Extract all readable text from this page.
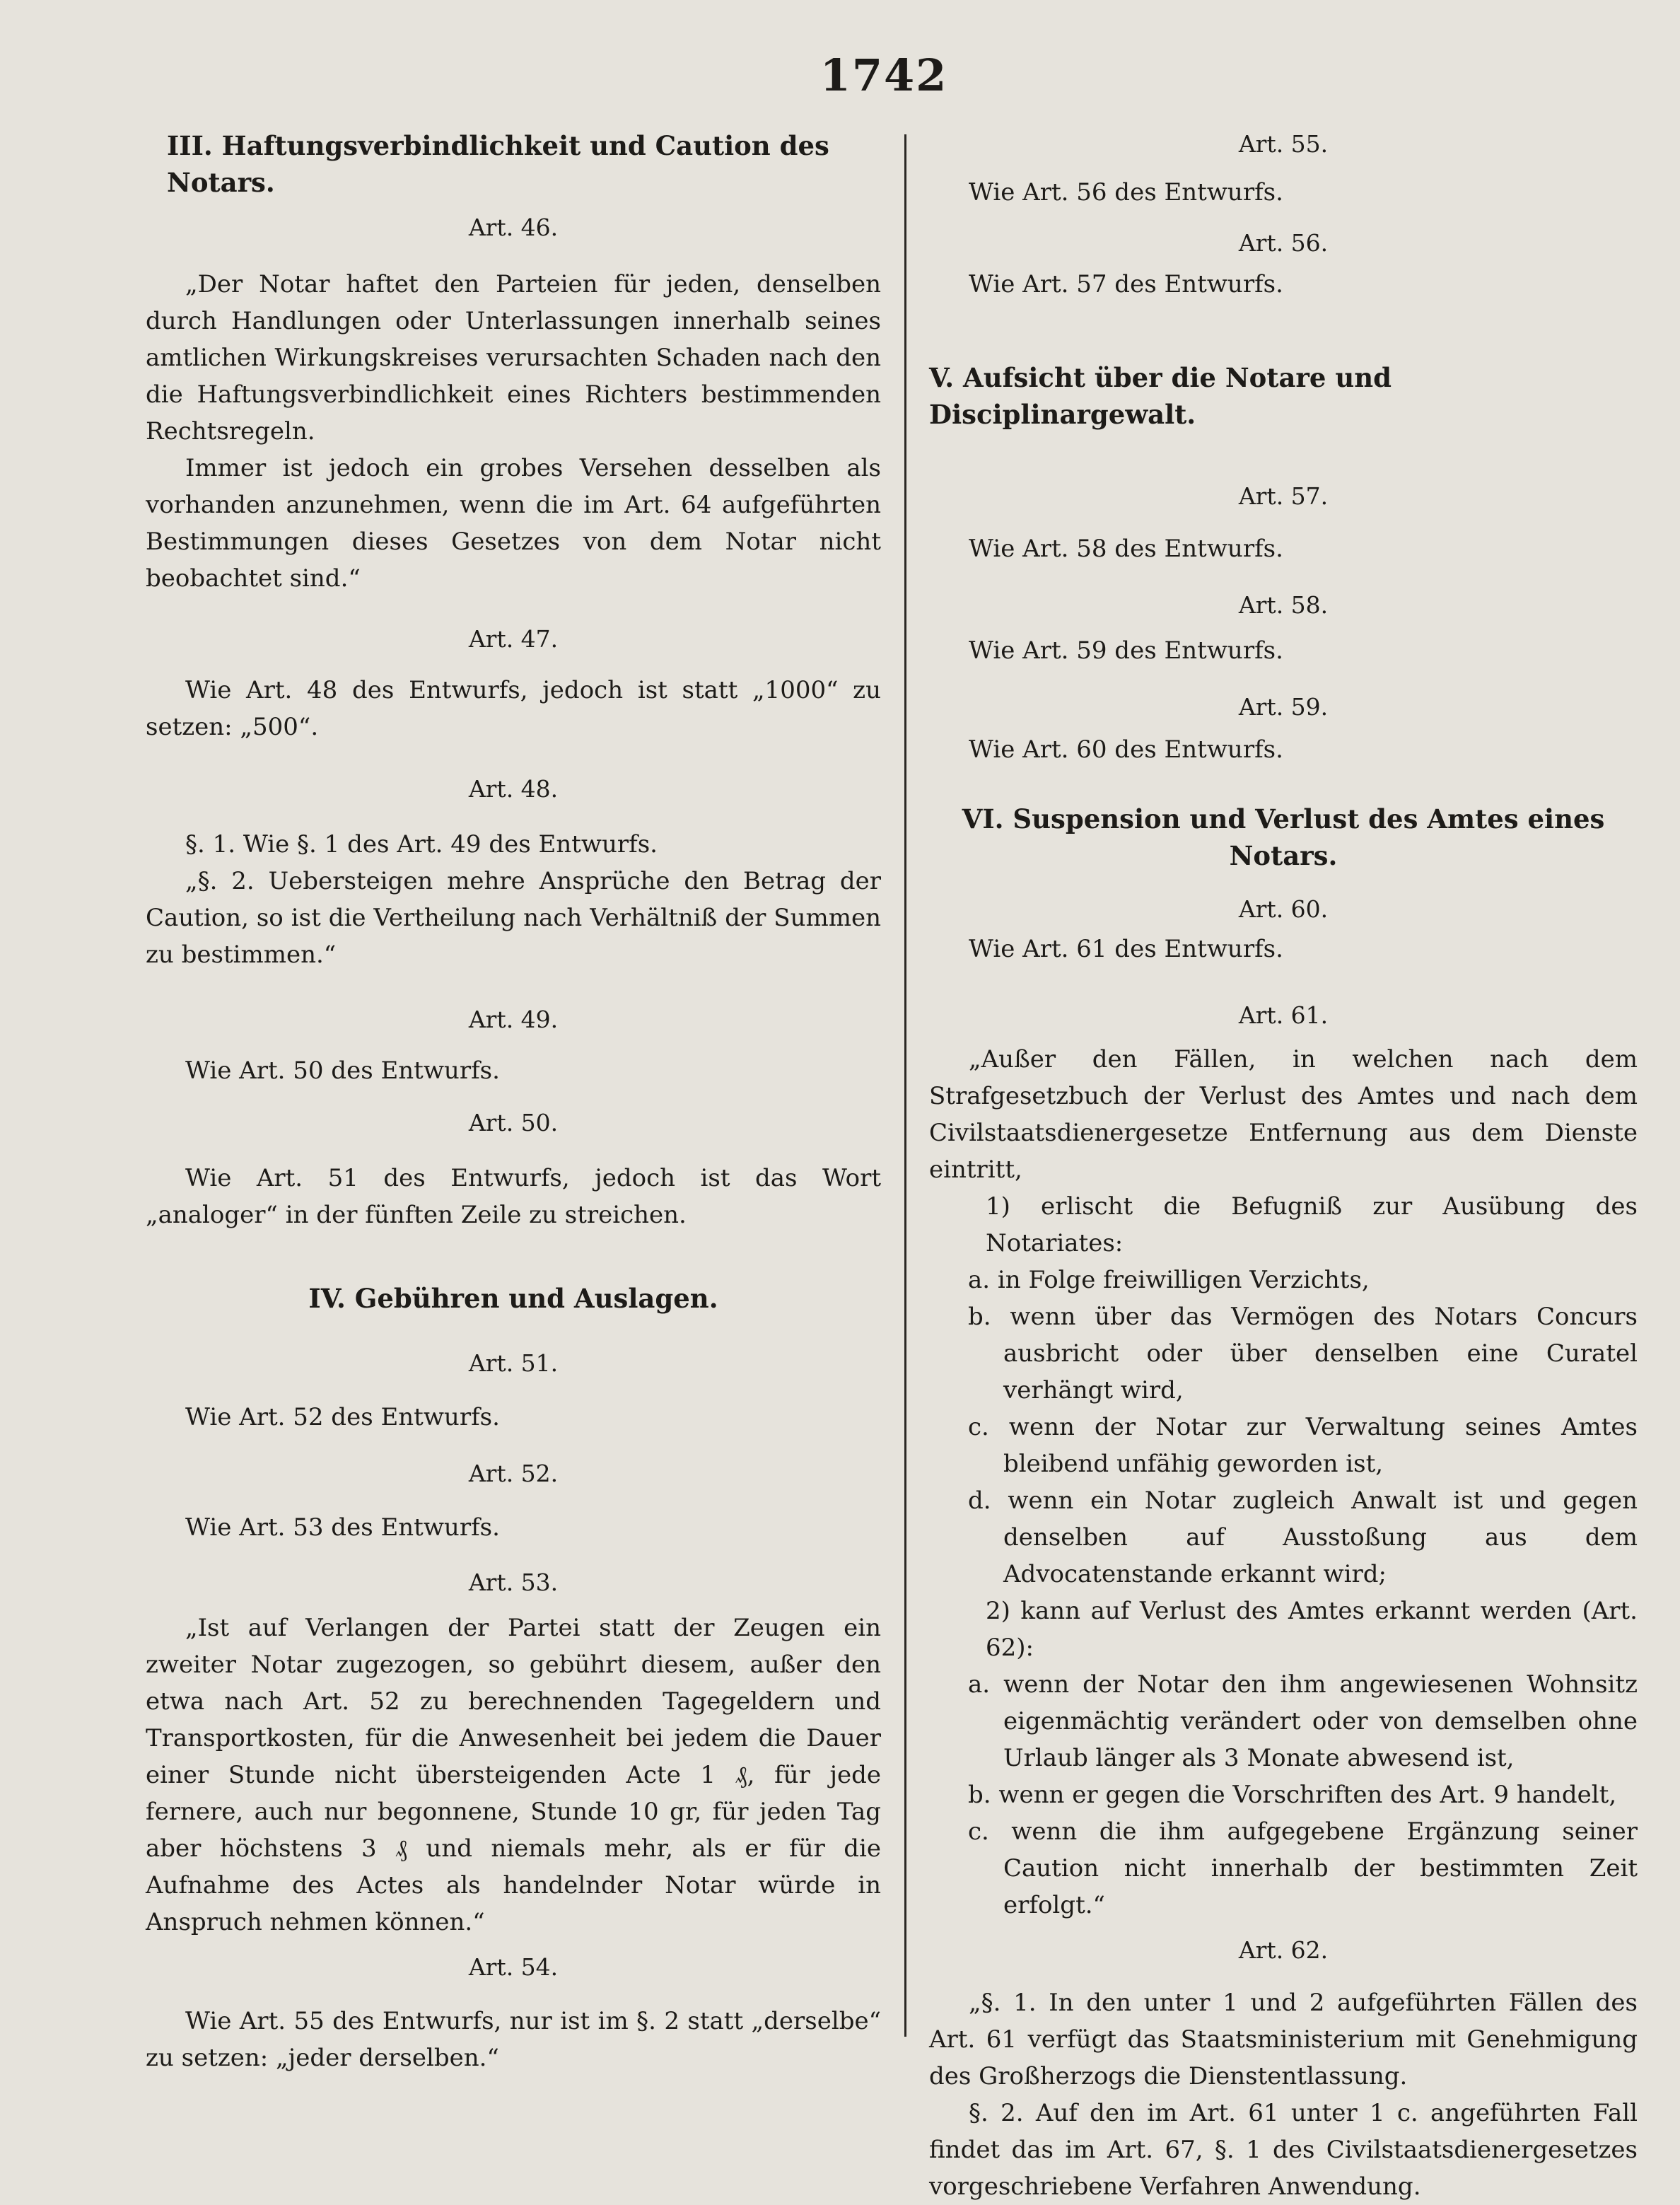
1742

III. Haftungsverbindlichkeit und Caution des Notars.

Art. 46.

„Der Notar haftet den Parteien für jeden, denselben durch Handlungen oder Unterlassungen innerhalb seines amtlichen Wirkungskreises verursachten Schaden nach den die Haftungsverbindlichkeit eines Richters bestimmenden Rechtsregeln.

Immer ist jedoch ein grobes Versehen desselben als vorhanden anzunehmen, wenn die im Art. 64 aufgeführten Bestimmungen dieses Gesetzes von dem Notar nicht beobachtet sind.“

Art. 47.

Wie Art. 48 des Entwurfs, jedoch ist statt „1000“ zu setzen: „500“.

Art. 48.

§. 1. Wie §. 1 des Art. 49 des Entwurfs.

„§. 2. Uebersteigen mehre Ansprüche den Betrag der Caution, so ist die Vertheilung nach Verhältniß der Summen zu bestimmen.“

Art. 49.

Wie Art. 50 des Entwurfs.

Art. 50.

Wie Art. 51 des Entwurfs, jedoch ist das Wort „analoger“ in der fünften Zeile zu streichen.

IV. Gebühren und Auslagen.

Art. 51.

Wie Art. 52 des Entwurfs.

Art. 52.

Wie Art. 53 des Entwurfs.

Art. 53.

„Ist auf Verlangen der Partei statt der Zeugen ein zweiter Notar zugezogen, so gebührt diesem, außer den etwa nach Art. 52 zu berechnenden Tagegeldern und Transportkosten, für die Anwesenheit bei jedem die Dauer einer Stunde nicht übersteigenden Acte 1 ₰, für jede fernere, auch nur begonnene, Stunde 10 gr, für jeden Tag aber höchstens 3 ₰ und niemals mehr, als er für die Aufnahme des Actes als handelnder Notar würde in Anspruch nehmen können.“

Art. 54.

Wie Art. 55 des Entwurfs, nur ist im §. 2 statt „derselbe“ zu setzen: „jeder derselben.“

Art. 55.

Wie Art. 56 des Entwurfs.

Art. 56.

Wie Art. 57 des Entwurfs.

V. Aufsicht über die Notare und Disciplinargewalt.

Art. 57.

Wie Art. 58 des Entwurfs.

Art. 58.

Wie Art. 59 des Entwurfs.

Art. 59.

Wie Art. 60 des Entwurfs.

VI. Suspension und Verlust des Amtes eines Notars.

Art. 60.

Wie Art. 61 des Entwurfs.

Art. 61.

„Außer den Fällen, in welchen nach dem Strafgesetzbuch der Verlust des Amtes und nach dem Civilstaatsdienergesetze Entfernung aus dem Dienste eintritt,

1) erlischt die Befugniß zur Ausübung des Notariates:

a. in Folge freiwilligen Verzichts,

b. wenn über das Vermögen des Notars Concurs ausbricht oder über denselben eine Curatel verhängt wird,

c. wenn der Notar zur Verwaltung seines Amtes bleibend unfähig geworden ist,

d. wenn ein Notar zugleich Anwalt ist und gegen denselben auf Ausstoßung aus dem Advocatenstande erkannt wird;

2) kann auf Verlust des Amtes erkannt werden (Art. 62):

a. wenn der Notar den ihm angewiesenen Wohnsitz eigenmächtig verändert oder von demselben ohne Urlaub länger als 3 Monate abwesend ist,

b. wenn er gegen die Vorschriften des Art. 9 handelt,

c. wenn die ihm aufgegebene Ergänzung seiner Caution nicht innerhalb der bestimmten Zeit erfolgt.“

Art. 62.

„§. 1. In den unter 1 und 2 aufgeführten Fällen des Art. 61 verfügt das Staatsministerium mit Genehmigung des Großherzogs die Dienstentlassung.

§. 2. Auf den im Art. 61 unter 1 c. angeführten Fall findet das im Art. 67, §. 1 des Civilstaatsdienergesetzes vorgeschriebene Verfahren Anwendung.
